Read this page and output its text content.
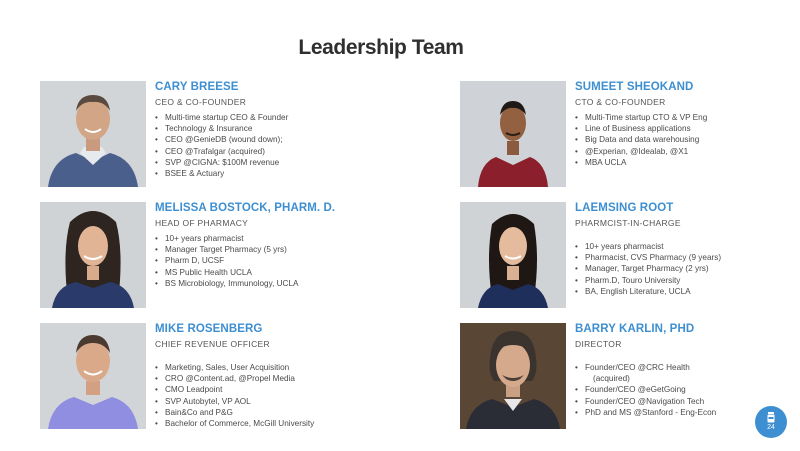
Leadership Team
CARY BREESE
CEO & CO-FOUNDER
• Multi-time startup CEO & Founder
• Technology & Insurance
• CEO @GenieDB (wound down);
• CEO @Trafalgar (acquired)
• SVP @CIGNA: $100M revenue
• BSEE & Actuary
SUMEET SHEOKAND
CTO & CO-FOUNDER
• Multi-Time startup CTO & VP Eng
• Line of Business applications
• Big Data and data warehousing
• @Experian, @Idealab, @X1
• MBA UCLA
MELISSA BOSTOCK, PHARM. D.
HEAD OF PHARMACY
• 10+ years pharmacist
• Manager Target Pharmacy (5 yrs)
• Pharm D, UCSF
• MS Public Health UCLA
• BS Microbiology, Immunology, UCLA
LAEMSING ROOT
PHARMCIST-IN-CHARGE
• 10+ years pharmacist
• Pharmacist, CVS Pharmacy (9 years)
• Manager, Target Pharmacy (2 yrs)
• Pharm.D, Touro University
• BA, English Literature, UCLA
MIKE ROSENBERG
CHIEF REVENUE OFFICER
• Marketing, Sales, User Acquisition
• CRO @Content.ad, @Propel Media
• CMO Leadpoint
• SVP Autobytel, VP AOL
• Bain&Co and P&G
• Bachelor of Commerce, McGill University
BARRY KARLIN, PHD
DIRECTOR
• Founder/CEO @CRC Health
(acquired)
• Founder/CEO @eGetGoing
• Founder/CEO @Navigation Tech
• PhD and MS @Stanford - Eng-Econ
24
